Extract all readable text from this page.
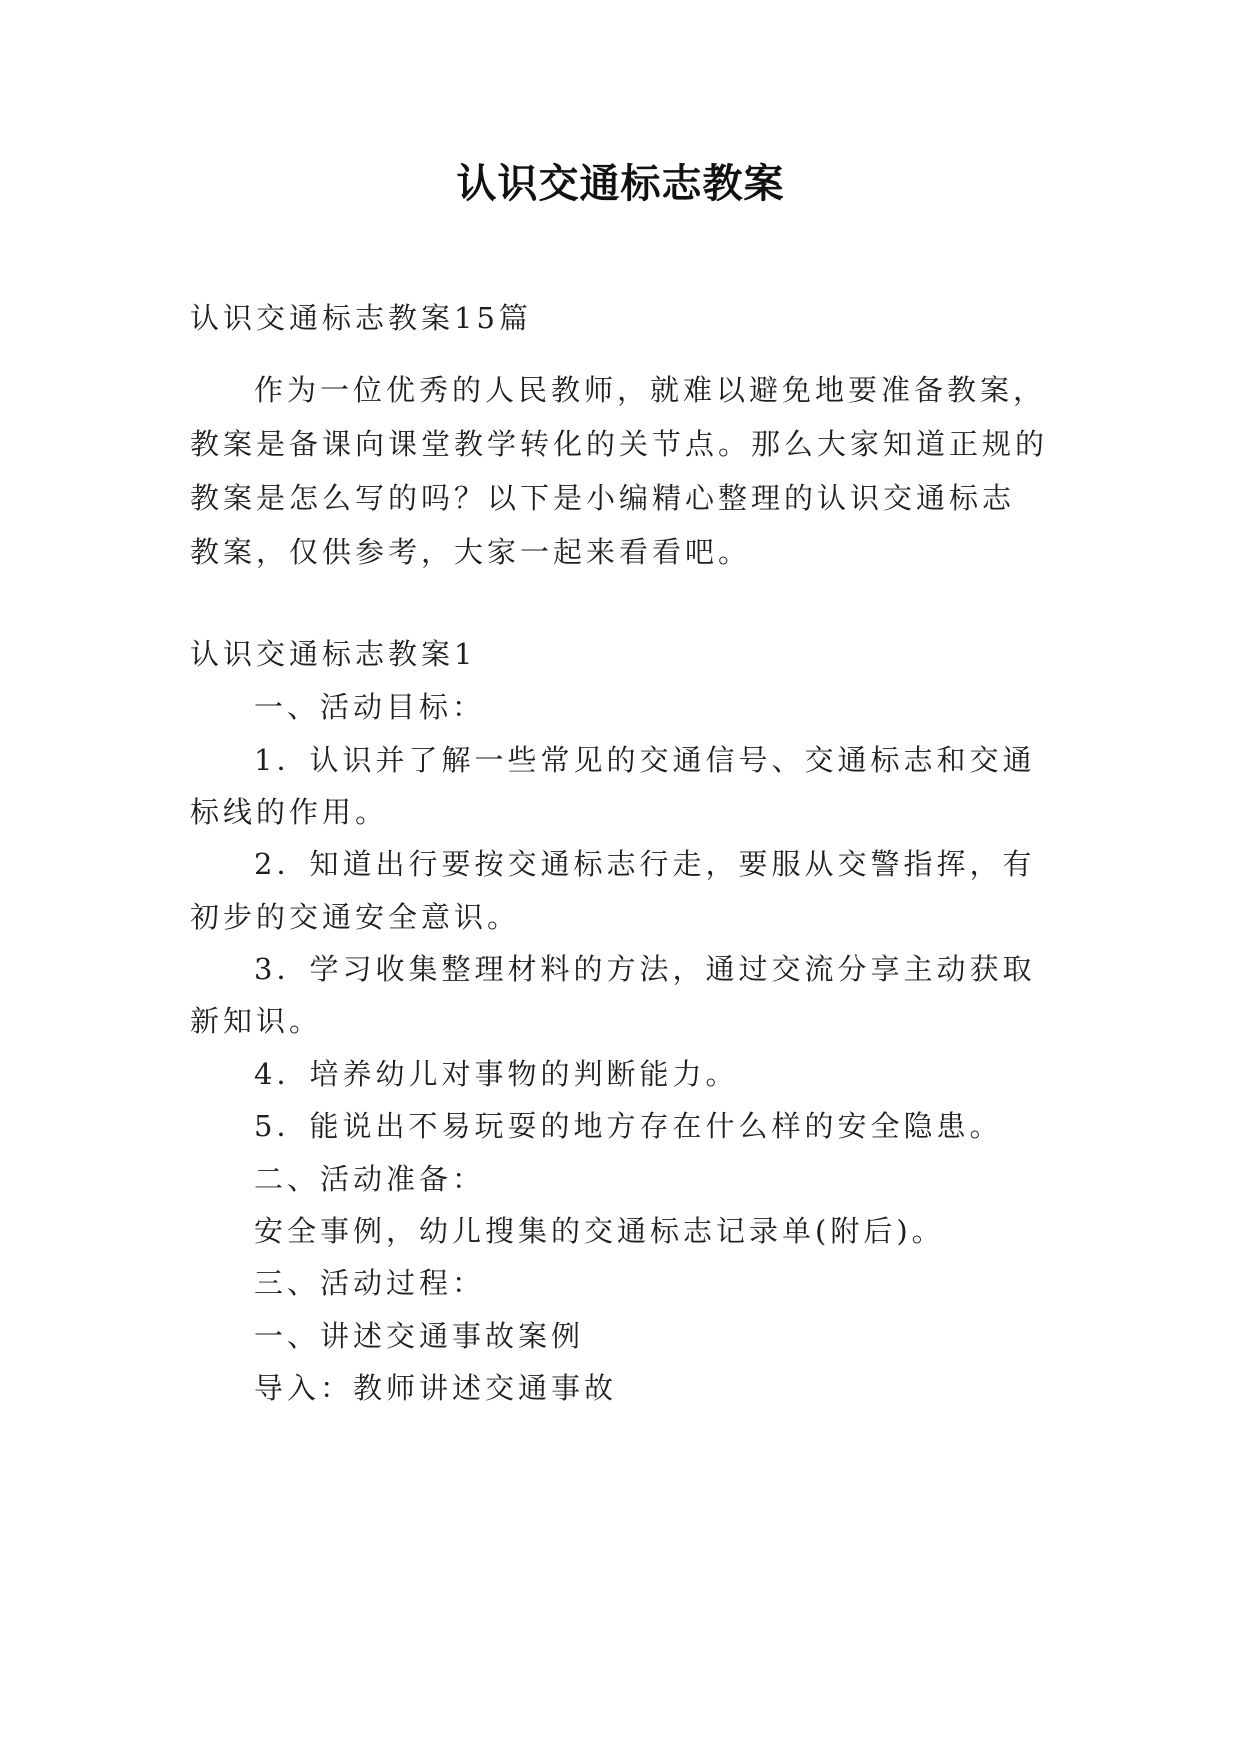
认识交通标志教案
认识交通标志教案15篇
作为一位优秀的人民教师，就难以避免地要准备教案，
教案是备课向课堂教学转化的关节点。那么大家知道正规的
教案是怎么写的吗？以下是小编精心整理的认识交通标志
教案，仅供参考，大家一起来看看吧。
认识交通标志教案1
一、活动目标：
1．认识并了解一些常见的交通信号、交通标志和交通
标线的作用。
2．知道出行要按交通标志行走，要服从交警指挥，有
初步的交通安全意识。
3．学习收集整理材料的方法，通过交流分享主动获取
新知识。
4．培养幼儿对事物的判断能力。
5．能说出不易玩耍的地方存在什么样的安全隐患。
二、活动准备：
安全事例，幼儿搜集的交通标志记录单(附后)。
三、活动过程：
一、讲述交通事故案例
导入：教师讲述交通事故
